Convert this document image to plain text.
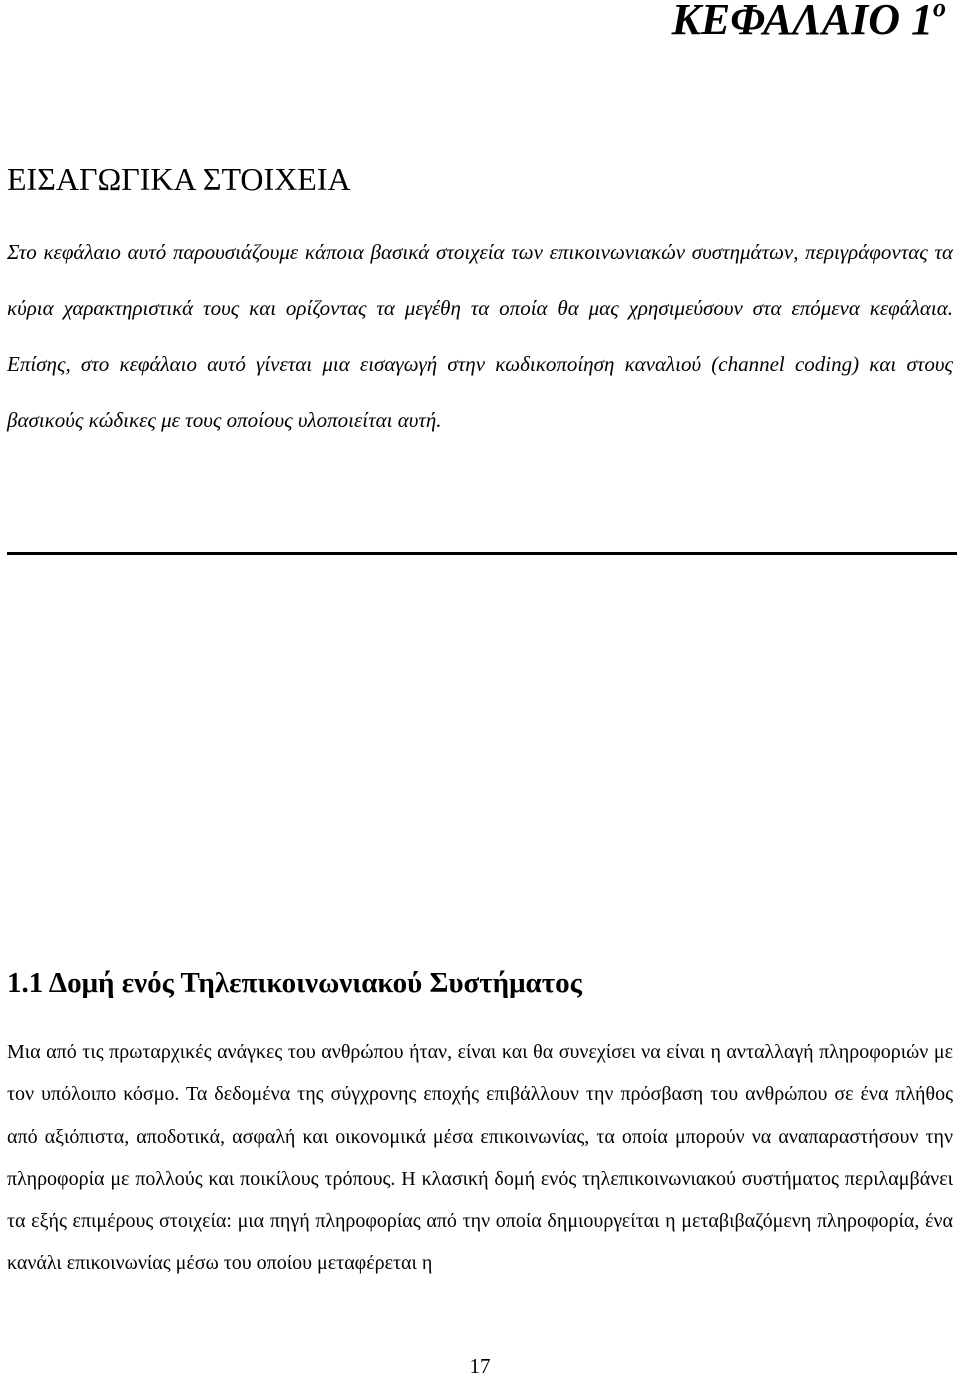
ΚΕΦΑΛΑΙΟ $1^o$
ΕΙΣΑΓΩΓΙΚΑ ΣΤΟΙΧΕΙΑ

Στο κεφάλαιο αυτό παρουσιάζουμε κάποια βασικά στοιχεία των επικοινωνιακών συστημάτων, περιγράφοντας τα κύρια χαρακτηριστικά τους και ορίζοντας τα μεγέθη τα οποία θα μας χρησιμεύσουν στα επόμενα κεφάλαια. Επίσης, στο κεφάλαιο αυτό γίνεται μια εισαγωγή στην κωδικοποίηση καναλιού (channel coding) και στους βασικούς κώδικες με τους οποίους υλοποιείται αυτή.

1.1 Δομή ενός Τηλεπικοινωνιακού Συστήματος

Μια από τις πρωταρχικές ανάγκες του ανθρώπου ήταν, είναι και θα συνεχίσει να είναι η ανταλλαγή πληροφοριών με τον υπόλοιπο κόσμο. Τα δεδομένα της σύγχρονης εποχής επιβάλλουν την πρόσβαση του ανθρώπου σε ένα πλήθος από αξιόπιστα, αποδοτικά, ασφαλή και οικονομικά μέσα επικοινωνίας, τα οποία μπορούν να αναπαραστήσουν την πληροφορία με πολλούς και ποικίλους τρόπους. Η κλασική δομή ενός τηλεπικοινωνιακού συστήματος περιλαμβάνει τα εξής επιμέρους στοιχεία: μια πηγή πληροφορίας από την οποία δημιουργείται η μεταβιβαζόμενη πληροφορία, ένα κανάλι επικοινωνίας μέσω του οποίου μεταφέρεται η

17
